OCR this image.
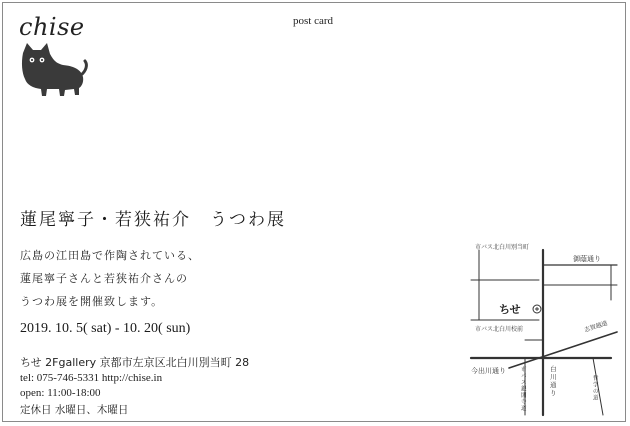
chise	post card
蓮尾寧子・若狭祐介　うつわ展
広島の江田島で作陶されている、
蓮尾寧子さんと若狭祐介さんの
うつわ展を開催致します。
2019. 10. 5( sat) - 10. 20( sun)
ちせ 2Fgallery 京都市左京区北白川別当町 28
tel: 075-746-5331 http://chise.in
open: 11:00-18:00
定休日 水曜日、木曜日
市バス北白川別当町
御蔭通り
ちせ
市バス北白川校前	志賀越道
今出川通り	白川通り
市バス銀閣寺道
哲学の道
